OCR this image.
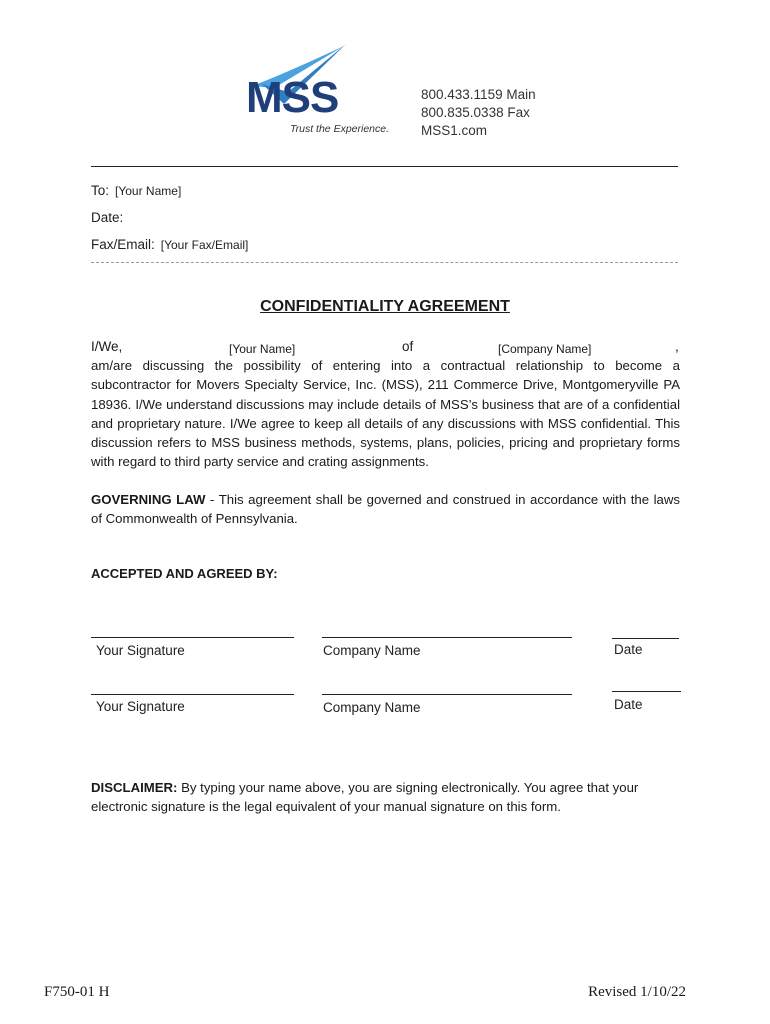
MSS
Trust the Experience.
800.433.1159 Main
800.835.0338 Fax
MSS1.com
To: [Your Name]
Date:
Fax/Email: [Your Fax/Email]
CONFIDENTIALITY AGREEMENT
I/We,	[Your Name]	of	[Company Name]	,
am/are discussing the possibility of entering into a contractual relationship to become a subcontractor for Movers Specialty Service, Inc. (MSS), 211 Commerce Drive, Montgomeryville PA 18936. I/We understand discussions may include details of MSS’s business that are of a confidential and proprietary nature. I/We agree to keep all details of any discussions with MSS confidential. This discussion refers to MSS business methods, systems, plans, policies, pricing and proprietary forms with regard to third party service and crating assignments.
GOVERNING LAW - This agreement shall be governed and construed in accordance with the laws of Commonwealth of Pennsylvania.
ACCEPTED AND AGREED BY:
Your Signature	Company Name	Date
Your Signature	Company Name	Date
DISCLAIMER: By typing your name above, you are signing electronically. You agree that your electronic signature is the legal equivalent of your manual signature on this form.
F750-01 H	Revised 1/10/22
